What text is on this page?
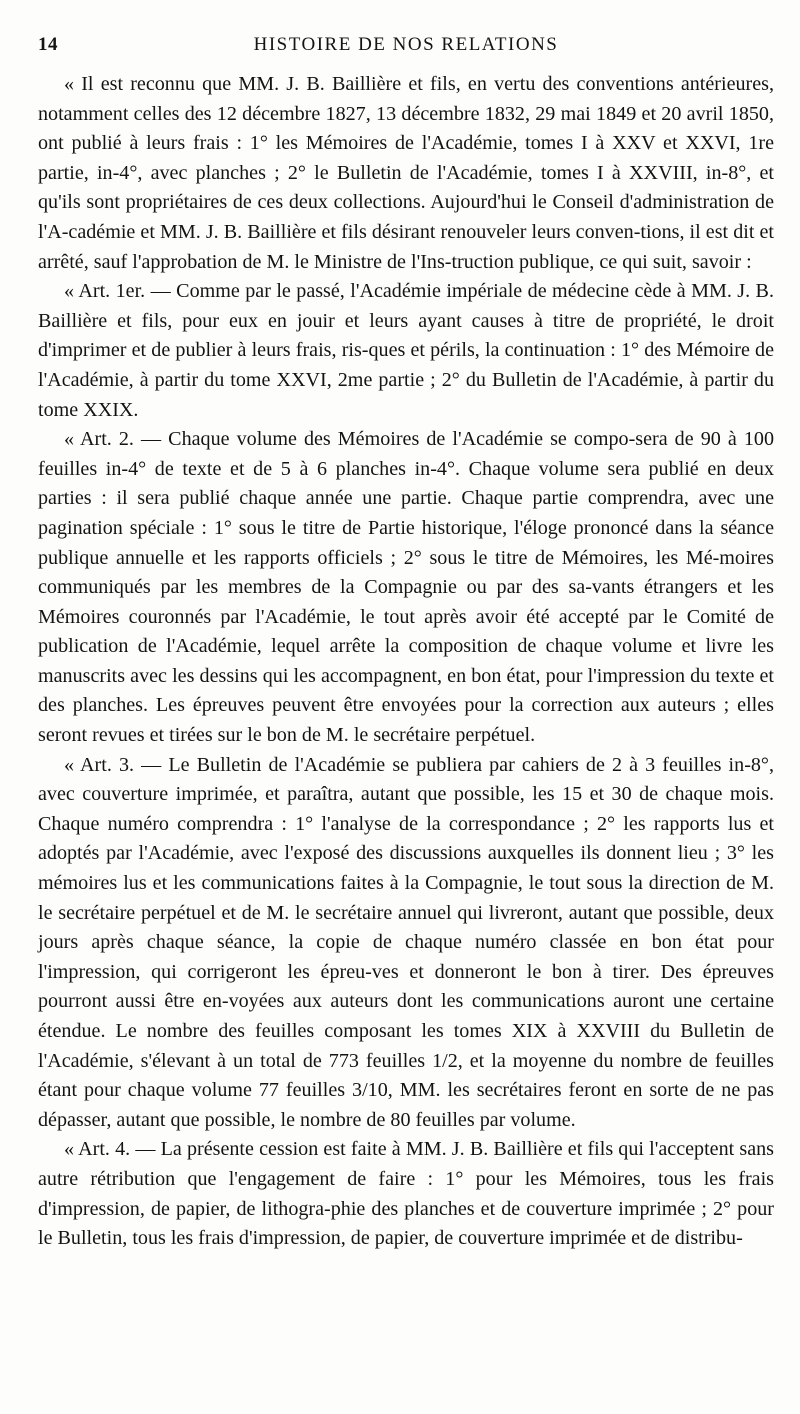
14	HISTOIRE DE NOS RELATIONS

« Il est reconnu que MM. J. B. Baillière et fils, en vertu des conventions antérieures, notamment celles des 12 décembre 1827, 13 décembre 1832, 29 mai 1849 et 20 avril 1850, ont publié à leurs frais : 1° les Mémoires de l'Académie, tomes I à XXV et XXVI, 1re partie, in-4°, avec planches ; 2° le Bulletin de l'Académie, tomes I à XXVIII, in-8°, et qu'ils sont propriétaires de ces deux collections. Aujourd'hui le Conseil d'administration de l'A-cadémie et MM. J. B. Baillière et fils désirant renouveler leurs conven-tions, il est dit et arrêté, sauf l'approbation de M. le Ministre de l'Ins-truction publique, ce qui suit, savoir :

« Art. 1er. — Comme par le passé, l'Académie impériale de médecine cède à MM. J. B. Baillière et fils, pour eux en jouir et leurs ayant causes à titre de propriété, le droit d'imprimer et de publier à leurs frais, ris-ques et périls, la continuation : 1° des Mémoire de l'Académie, à partir du tome XXVI, 2me partie ; 2° du Bulletin de l'Académie, à partir du tome XXIX.

« Art. 2. — Chaque volume des Mémoires de l'Académie se compo-sera de 90 à 100 feuilles in-4° de texte et de 5 à 6 planches in-4°. Chaque volume sera publié en deux parties : il sera publié chaque année une partie. Chaque partie comprendra, avec une pagination spéciale : 1° sous le titre de Partie historique, l'éloge prononcé dans la séance publique annuelle et les rapports officiels ; 2° sous le titre de Mémoires, les Mé-moires communiqués par les membres de la Compagnie ou par des sa-vants étrangers et les Mémoires couronnés par l'Académie, le tout après avoir été accepté par le Comité de publication de l'Académie, lequel arrête la composition de chaque volume et livre les manuscrits avec les dessins qui les accompagnent, en bon état, pour l'impression du texte et des planches. Les épreuves peuvent être envoyées pour la correction aux auteurs ; elles seront revues et tirées sur le bon de M. le secrétaire perpétuel.

« Art. 3. — Le Bulletin de l'Académie se publiera par cahiers de 2 à 3 feuilles in-8°, avec couverture imprimée, et paraîtra, autant que possible, les 15 et 30 de chaque mois. Chaque numéro comprendra : 1° l'analyse de la correspondance ; 2° les rapports lus et adoptés par l'Académie, avec l'exposé des discussions auxquelles ils donnent lieu ; 3° les mémoires lus et les communications faites à la Compagnie, le tout sous la direction de M. le secrétaire perpétuel et de M. le secrétaire annuel qui livreront, autant que possible, deux jours après chaque séance, la copie de chaque numéro classée en bon état pour l'impression, qui corrigeront les épreu-ves et donneront le bon à tirer. Des épreuves pourront aussi être en-voyées aux auteurs dont les communications auront une certaine étendue. Le nombre des feuilles composant les tomes XIX à XXVIII du Bulletin de l'Académie, s'élevant à un total de 773 feuilles 1/2, et la moyenne du nombre de feuilles étant pour chaque volume 77 feuilles 3/10, MM. les secrétaires feront en sorte de ne pas dépasser, autant que possible, le nombre de 80 feuilles par volume.

« Art. 4. — La présente cession est faite à MM. J. B. Baillière et fils qui l'acceptent sans autre rétribution que l'engagement de faire : 1° pour les Mémoires, tous les frais d'impression, de papier, de lithogra-phie des planches et de couverture imprimée ; 2° pour le Bulletin, tous les frais d'impression, de papier, de couverture imprimée et de distribu-
